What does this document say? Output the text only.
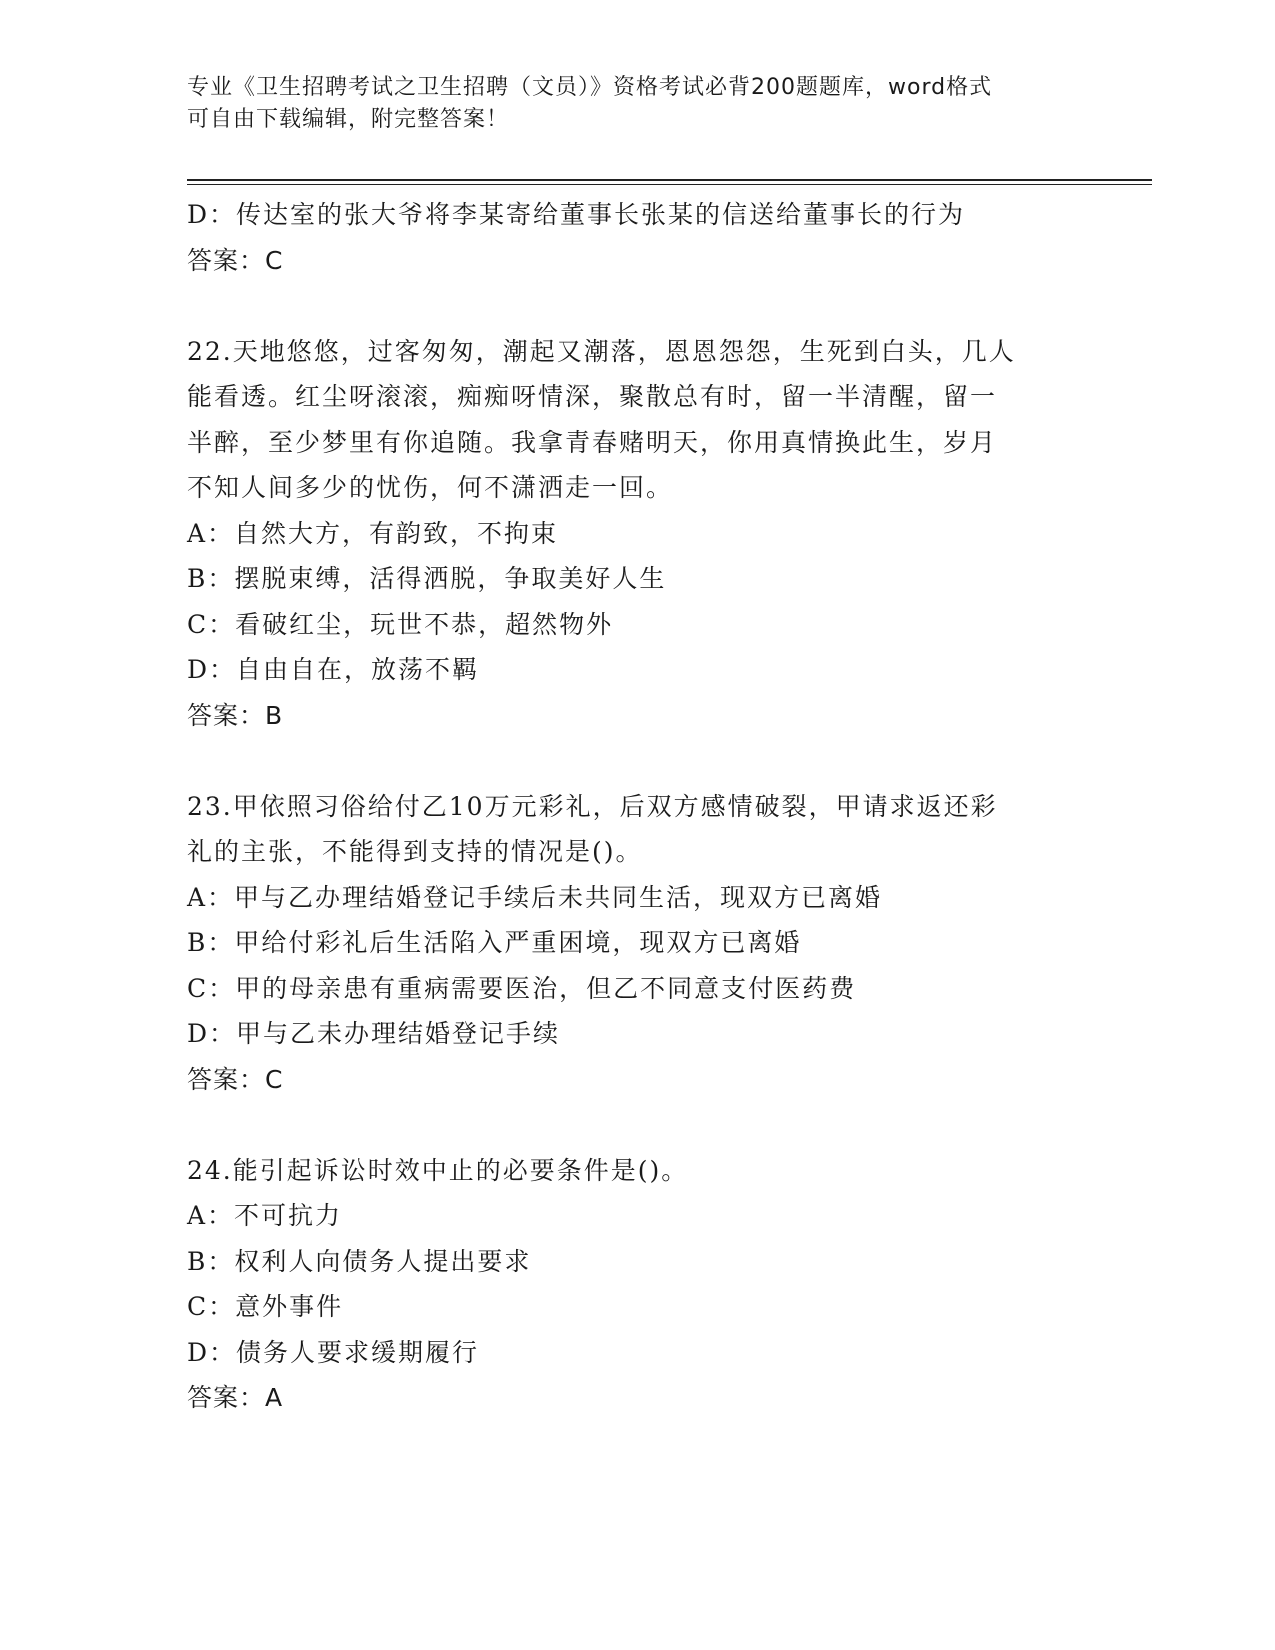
专业《卫生招聘考试之卫生招聘（文员）》资格考试必背200题题库，word格式

可自由下载编辑，附完整答案！

D：传达室的张大爷将李某寄给董事长张某的信送给董事长的行为

答案：C

22.天地悠悠，过客匆匆，潮起又潮落，恩恩怨怨，生死到白头，几人

能看透。红尘呀滚滚，痴痴呀情深，聚散总有时，留一半清醒，留一

半醉，至少梦里有你追随。我拿青春赌明天，你用真情换此生，岁月

不知人间多少的忧伤，何不潇洒走一回。

A：自然大方，有韵致，不拘束

B：摆脱束缚，活得洒脱，争取美好人生

C：看破红尘，玩世不恭，超然物外

D：自由自在，放荡不羁

答案：B

23.甲依照习俗给付乙10万元彩礼，后双方感情破裂，甲请求返还彩

礼的主张，不能得到支持的情况是()。

A：甲与乙办理结婚登记手续后未共同生活，现双方已离婚

B：甲给付彩礼后生活陷入严重困境，现双方已离婚

C：甲的母亲患有重病需要医治，但乙不同意支付医药费

D：甲与乙未办理结婚登记手续

答案：C

24.能引起诉讼时效中止的必要条件是()。

A：不可抗力

B：权利人向债务人提出要求

C：意外事件

D：债务人要求缓期履行

答案：A
